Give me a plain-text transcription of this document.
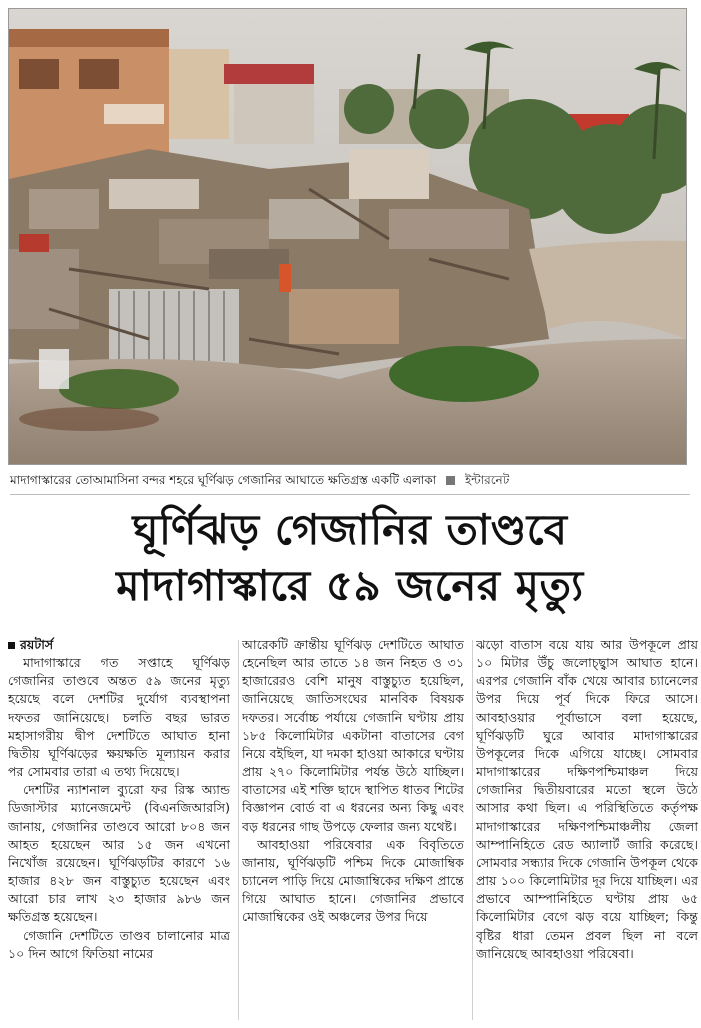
মাদাগাস্কারের তোআমাসিনা বন্দর শহরে ঘূর্ণিঝড় গেজানির আঘাতে ক্ষতিগ্রস্ত একটি এলাকা ইন্টারনেট
ঘূর্ণিঝড় গেজানির তাণ্ডবে
মাদাগাস্কারে ৫৯ জনের মৃত্যু
রয়টার্স

মাদাগাস্কারে গত সপ্তাহে ঘূর্ণিঝড় গেজানির তাণ্ডবে অন্তত ৫৯ জনের মৃত্যু হয়েছে বলে দেশটির দুর্যোগ ব্যবস্থাপনা দফতর জানিয়েছে। চলতি বছর ভারত মহাসাগরীয় দ্বীপ দেশটিতে আঘাত হানা দ্বিতীয় ঘূর্ণিঝড়ের ক্ষয়ক্ষতি মূল্যায়ন করার পর সোমবার তারা এ তথ্য দিয়েছে।

দেশটির ন্যাশনাল ব্যুরো ফর রিস্ক অ্যান্ড ডিজাস্টার ম্যানেজমেন্ট (বিএনজিআরসি) জানায়, গেজানির তাণ্ডবে আরো ৮০৪ জন আহত হয়েছেন আর ১৫ জন এখনো নিখোঁজ রয়েছেন। ঘূর্ণিঝড়টির কারণে ১৬ হাজার ৪২৮ জন বাস্তুচ্যুত হয়েছেন এবং আরো চার লাখ ২৩ হাজার ৯৮৬ জন ক্ষতিগ্রস্ত হয়েছেন।

গেজানি দেশটিতে তাণ্ডব চালানোর মাত্র ১০ দিন আগে ফিতিয়া নামের

আরেকটি ক্রান্তীয় ঘূর্ণিঝড় দেশটিতে আঘাত হেনেছিল আর তাতে ১৪ জন নিহত ও ৩১ হাজারেরও বেশি মানুষ বাস্তুচ্যুত হয়েছিল, জানিয়েছে জাতিসংঘের মানবিক বিষয়ক দফতর। সর্বোচ্চ পর্যায়ে গেজানি ঘণ্টায় প্রায় ১৮৫ কিলোমিটার একটানা বাতাসের বেগ নিয়ে বইছিল, যা দমকা হাওয়া আকারে ঘণ্টায় প্রায় ২৭০ কিলোমিটার পর্যন্ত উঠে যাচ্ছিল। বাতাসের এই শক্তি ছাদে স্থাপিত ধাতব শিটের বিজ্ঞাপন বোর্ড বা এ ধরনের অন্য কিছু এবং বড় ধরনের গাছ উপড়ে ফেলার জন্য যথেষ্ট।

আবহাওয়া পরিষেবার এক বিবৃতিতে জানায়, ঘূর্ণিঝড়টি পশ্চিম দিকে মোজাম্বিক চ্যানেল পাড়ি দিয়ে মোজাম্বিকের দক্ষিণ প্রান্তে গিয়ে আঘাত হানে। গেজানির প্রভাবে মোজাম্বিকের ওই অঞ্চলের উপর দিয়ে

ঝড়ো বাতাস বয়ে যায় আর উপকূলে প্রায় ১০ মিটার উঁচু জলোচ্ছ্বাস আঘাত হানে। এরপর গেজানি বাঁক খেয়ে আবার চ্যানেলের উপর দিয়ে পূর্ব দিকে ফিরে আসে। আবহাওয়ার পূর্বাভাসে বলা হয়েছে, ঘূর্ণিঝড়টি ঘুরে আবার মাদাগাস্কারের উপকূলের দিকে এগিয়ে যাচ্ছে। সোমবার মাদাগাস্কারের দক্ষিণপশ্চিমাঞ্চল দিয়ে গেজানির দ্বিতীয়বারের মতো স্থলে উঠে আসার কথা ছিল। এ পরিস্থিতিতে কর্তৃপক্ষ মাদাগাস্কারের দক্ষিণপশ্চিমাঞ্চলীয় জেলা আম্পানিহিতে রেড অ্যালার্ট জারি করেছে। সোমবার সন্ধ্যার দিকে গেজানি উপকূল থেকে প্রায় ১০০ কিলোমিটার দূর দিয়ে যাচ্ছিল। এর প্রভাবে আম্পানিহিতে ঘণ্টায় প্রায় ৬৫ কিলোমিটার বেগে ঝড় বয়ে যাচ্ছিল; কিন্তু বৃষ্টির ধারা তেমন প্রবল ছিল না বলে জানিয়েছে আবহাওয়া পরিষেবা।
